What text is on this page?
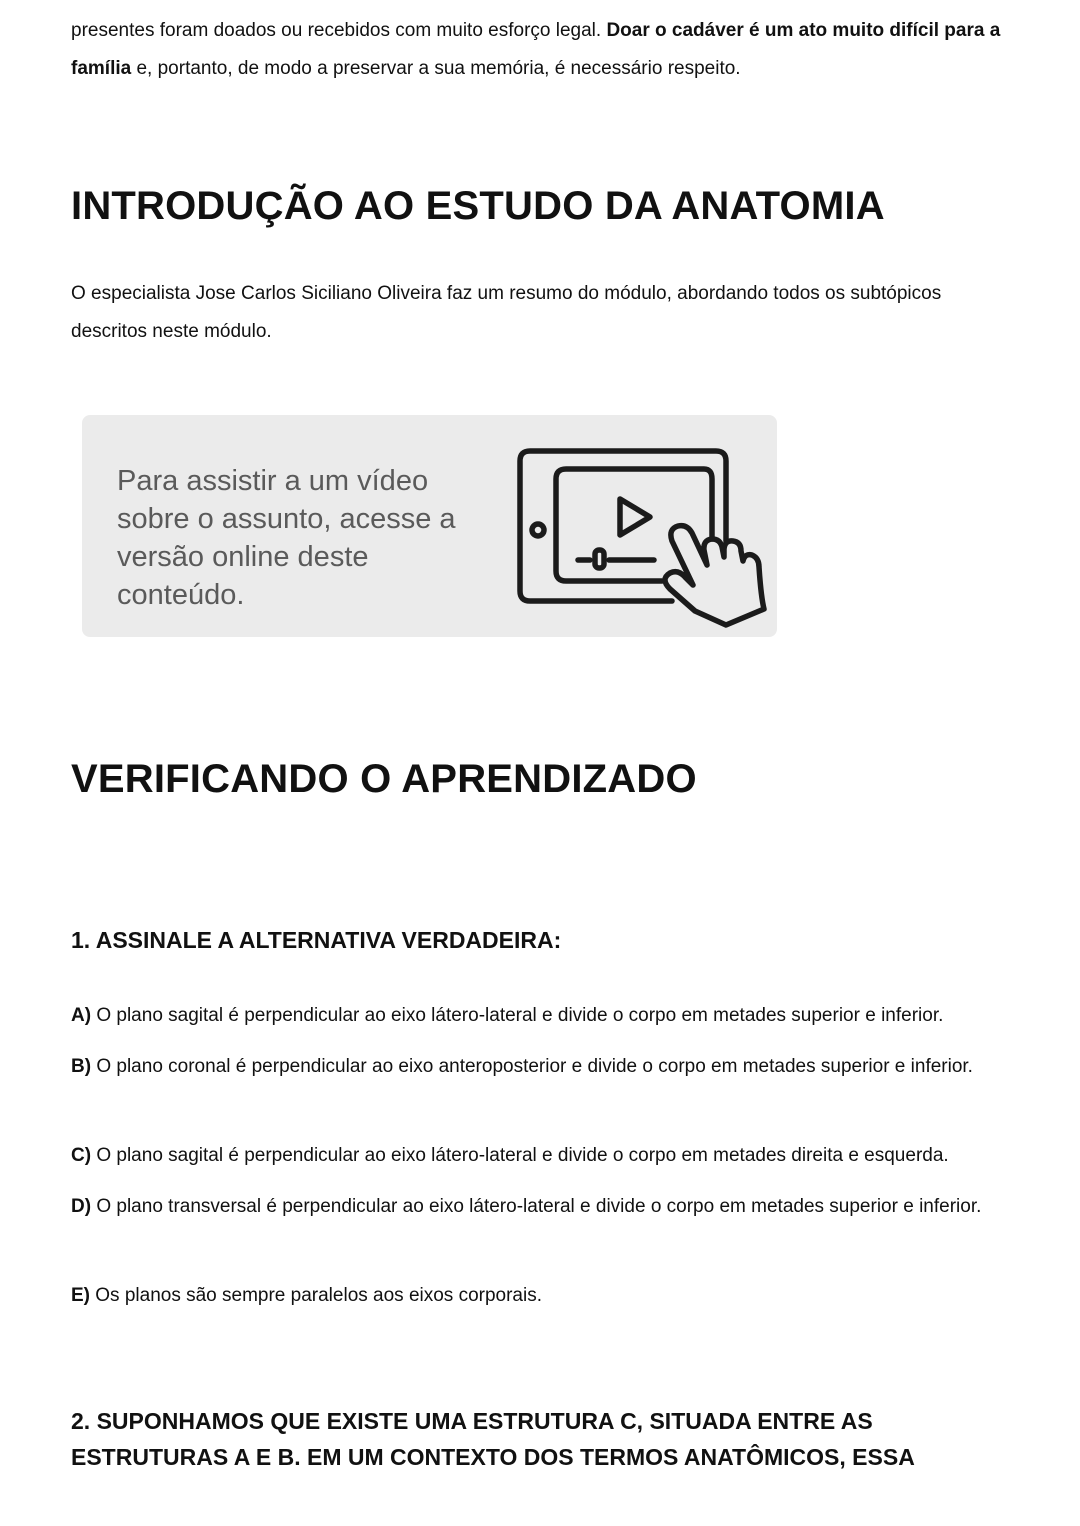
presentes foram doados ou recebidos com muito esforço legal. Doar o cadáver é um ato muito difícil para a família e, portanto, de modo a preservar a sua memória, é necessário respeito.

INTRODUÇÃO AO ESTUDO DA ANATOMIA

O especialista Jose Carlos Siciliano Oliveira faz um resumo do módulo, abordando todos os subtópicos descritos neste módulo.

VERIFICANDO O APRENDIZADO
1. ASSINALE A ALTERNATIVA VERDADEIRA:

A) O plano sagital é perpendicular ao eixo látero-lateral e divide o corpo em metades superior e inferior.

B) O plano coronal é perpendicular ao eixo anteroposterior e divide o corpo em metades superior e inferior.

C) O plano sagital é perpendicular ao eixo látero-lateral e divide o corpo em metades direita e esquerda.

D) O plano transversal é perpendicular ao eixo látero-lateral e divide o corpo em metades superior e inferior.

E) Os planos são sempre paralelos aos eixos corporais.

2. SUPONHAMOS QUE EXISTE UMA ESTRUTURA C, SITUADA ENTRE AS ESTRUTURAS A E B. EM UM CONTEXTO DOS TERMOS ANATÔMICOS, ESSA
Para assistir a um vídeo sobre o assunto, acesse a versão online deste conteúdo.
